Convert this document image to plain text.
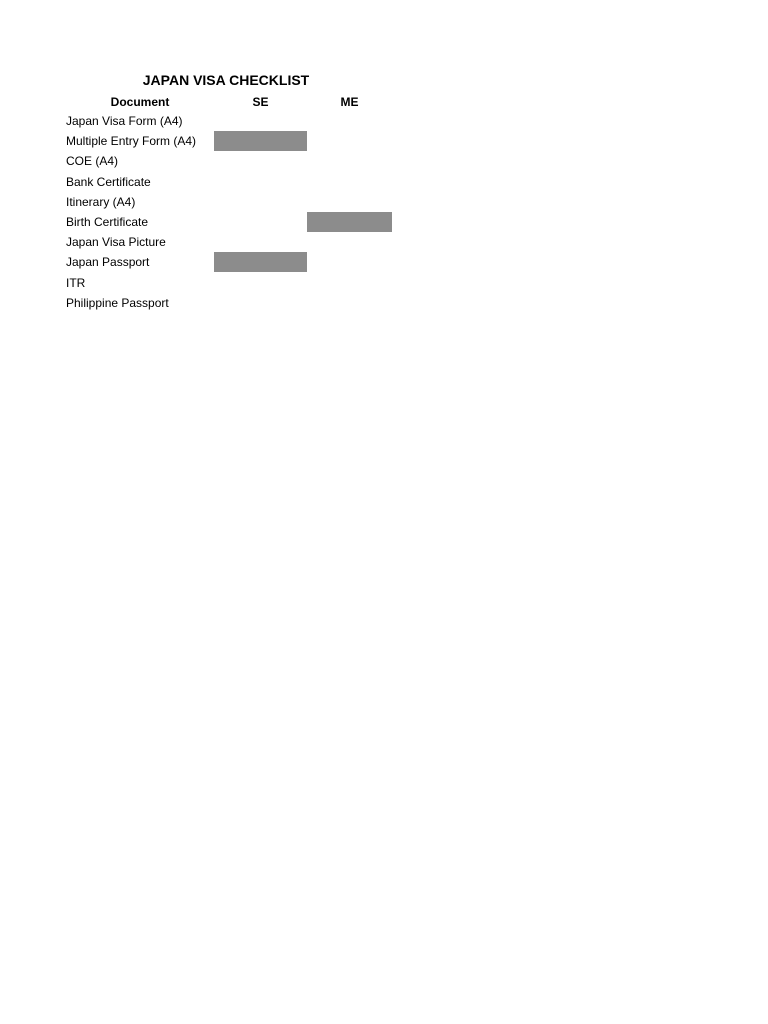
JAPAN VISA CHECKLIST
Document	SE	ME
Japan Visa Form (A4)
Multiple Entry Form (A4)
COE (A4)
Bank Certificate
Itinerary (A4)
Birth Certificate
Japan Visa Picture
Japan Passport
ITR
Philippine Passport
